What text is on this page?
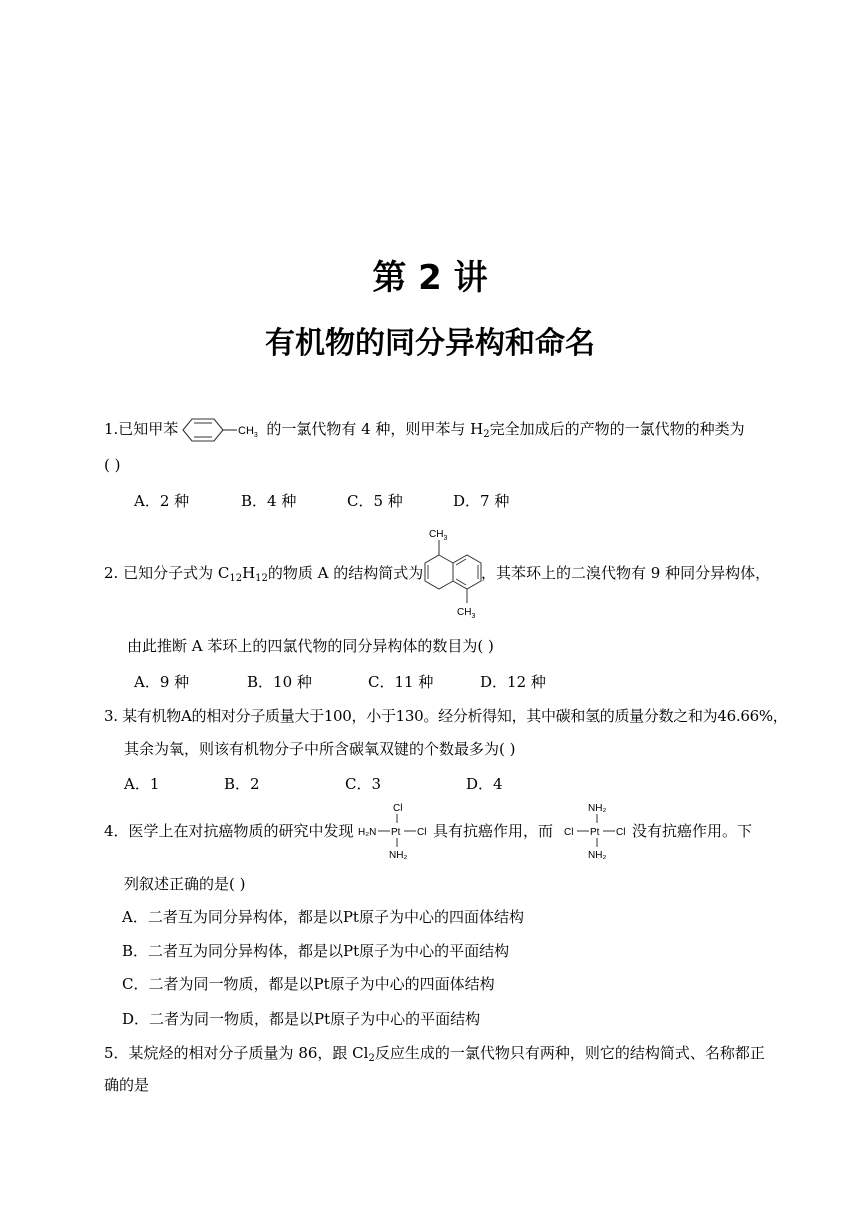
第 2 讲
有机物的同分异构和命名
1.已知甲苯	$CH_3$ 的一氯代物有 4 种，则甲苯与 $H_2$完全加成后的产物的一氯代物的种类为
( )
A．2 种	B．4 种	C．5 种	D．7 种
2. 已知分子式为 $C_{12}H_{12}$的物质 A 的结构简式为
$CH_3$
$CH_3$
，其苯环上的二溴代物有 9 种同分异构体，
由此推断 A 苯环上的四氯代物的同分异构体的数目为( )
A．9 种	B．10 种	C．11 种	D．12 种
3. 某有机物A的相对分子质量大于100，小于130。经分析得知，其中碳和氢的质量分数之和为46.66%，
其余为氧，则该有机物分子中所含碳氧双键的个数最多为( )
A．1	B．2	C．3	D．4
4．医学上在对抗癌物质的研究中发现
Cl
H₂N Pt Cl
NH₂
具有抗癌作用，而
NH₂
Cl Pt Cl
NH₂
没有抗癌作用。下
列叙述正确的是( )
A．二者互为同分异构体，都是以Pt原子为中心的四面体结构
B．二者互为同分异构体，都是以Pt原子为中心的平面结构
C．二者为同一物质，都是以Pt原子为中心的四面体结构
D．二者为同一物质，都是以Pt原子为中心的平面结构
5．某烷烃的相对分子质量为 86，跟 $Cl_2$反应生成的一氯代物只有两种，则它的结构简式、名称都正
确的是
